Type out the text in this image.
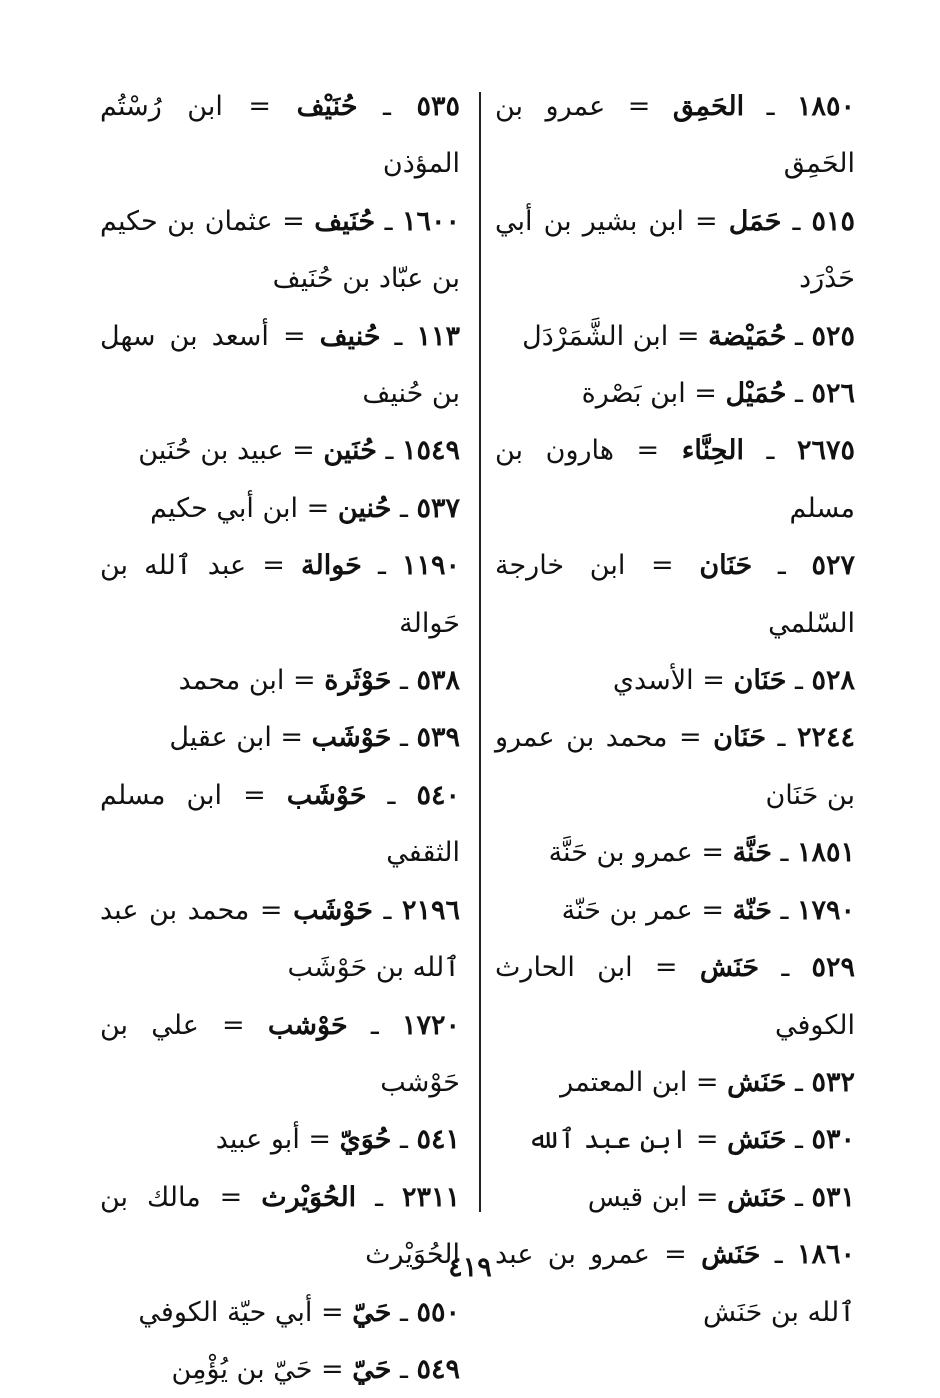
١٨٥٠ ـ الحَمِق = عمرو بن الحَمِق

٥١٥ ـ حَمَل = ابن بشير بن أبي حَدْرَد

٥٢٥ ـ حُمَيْضة = ابن الشَّمَرْدَل

٥٢٦ ـ حُمَيْل = ابن بَصْرة

٢٦٧٥ ـ الحِنَّاء = هارون بن مسلم

٥٢٧ ـ حَنَان = ابن خارجة السّلمي

٥٢٨ ـ حَنَان = الأسدي

٢٢٤٤ ـ حَنَان = محمد بن عمرو بن حَنَان

١٨٥١ ـ حَنَّة = عمرو بن حَنَّة

١٧٩٠ ـ حَنّة = عمر بن حَنّة

٥٢٩ ـ حَنَش = ابن الحارث الكوفي

٥٣٢ ـ حَنَش = ابن المعتمر

٥٣٠ ـ حَنَش = ابن عبد ٱلله

٥٣١ ـ حَنَش = ابن قيس

١٨٦٠ ـ حَنَش = عمرو بن عبد ٱلله بن حَنَش

٥٣٥ ـ حُنَيْف = ابن رُسْتُم المؤذن

١٦٠٠ ـ حُنَيف = عثمان بن حكيم بن عبّاد بن حُنَيف

١١٣ ـ حُنيف = أسعد بن سهل بن حُنيف

١٥٤٩ ـ حُنَين = عبيد بن حُنَين

٥٣٧ ـ حُنين = ابن أبي حكيم

١١٩٠ ـ حَوالة = عبد ٱلله بن حَوالة

٥٣٨ ـ حَوْثَرة = ابن محمد

٥٣٩ ـ حَوْشَب = ابن عقيل

٥٤٠ ـ حَوْشَب = ابن مسلم الثقفي

٢١٩٦ ـ حَوْشَب = محمد بن عبد ٱلله بن حَوْشَب

١٧٢٠ ـ حَوْشب = علي بن حَوْشب

٥٤١ ـ حُوَيّ = أبو عبيد

٢٣١١ ـ الحُوَيْرث = مالك بن الحُوَيْرث

٥٥٠ ـ حَيّ = أبي حيّة الكوفي

٥٤٩ ـ حَيّ = حَيّ بن يُؤْمِن

٤١٩
